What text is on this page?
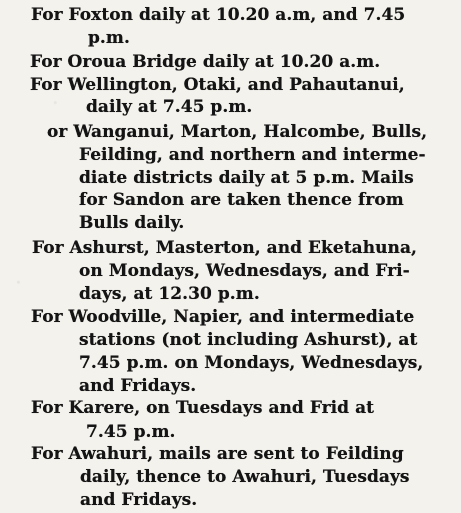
For Foxton daily at 10.20 a.m, and 7.45
p.m.
For Oroua Bridge daily at 10.20 a.m.
For Wellington, Otaki, and Pahautanui,
daily at 7.45 p.m.
or Wanganui, Marton, Halcombe, Bulls,
Feilding, and northern and interme-
diate districts daily at 5 p.m. Mails
for Sandon are taken thence from
Bulls daily.
For Ashurst, Masterton, and Eketahuna,
on Mondays, Wednesdays, and Fri-
days, at 12.30 p.m.
For Woodville, Napier, and intermediate
stations (not including Ashurst), at
7.45 p.m. on Mondays, Wednesdays,
and Fridays.
For Karere, on Tuesdays and Frid at
7.45 p.m.
For Awahuri, mails are sent to Feilding
daily, thence to Awahuri, Tuesdays
and Fridays.
